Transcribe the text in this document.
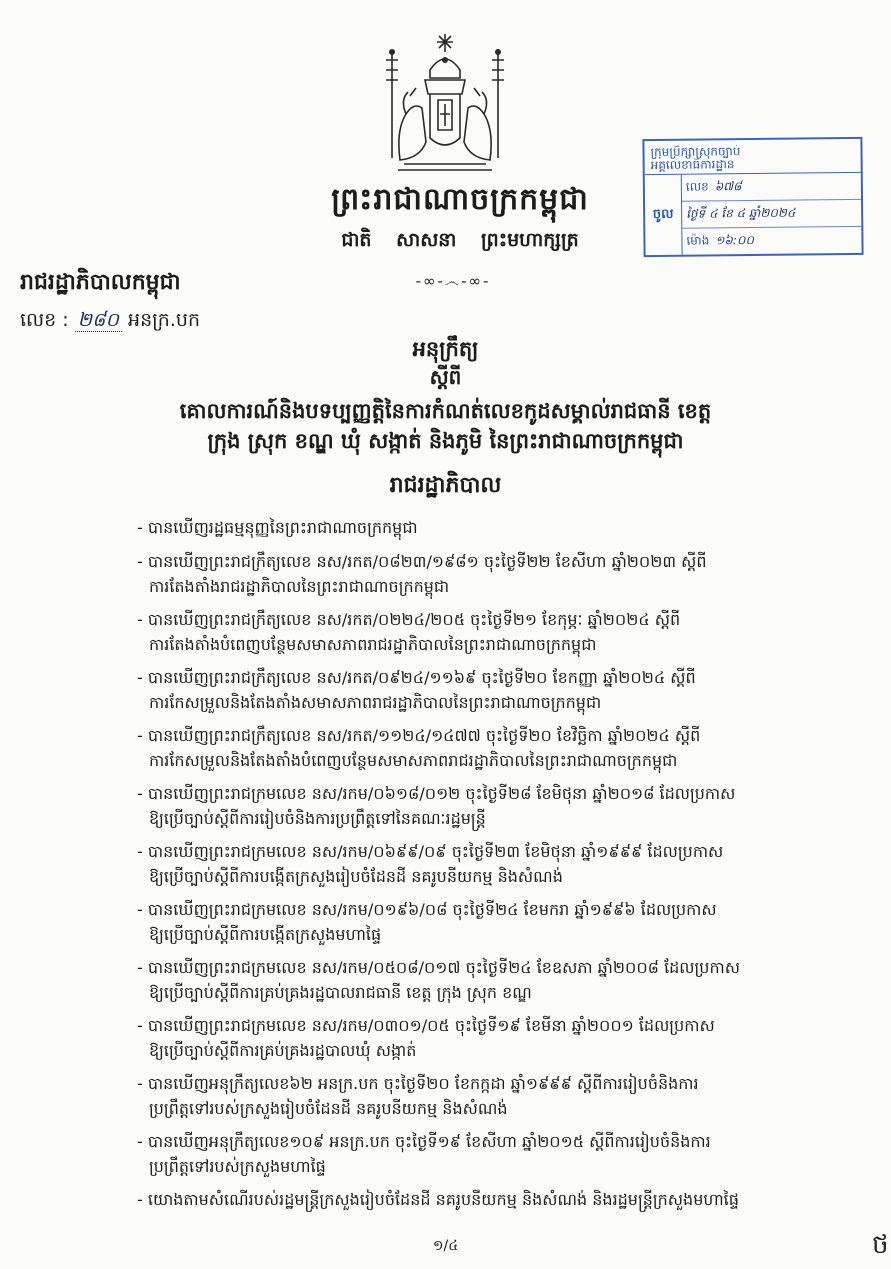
ក្រុមប្រឹក្សាស្រុកច្បាប់
អគ្គលេខាធិការដ្ឋាន
ចូល
លេខ ៦៧៨
ថ្ងៃទី ៤ ខែ ៤ ឆ្នាំ២០២៤
ម៉ោង ១៦:០០
ព្រះរាជាណាចក្រកម្ពុជា
ជាតិ សាសនា ព្រះមហាក្សត្រ
-∞-෴-∞-
រាជរដ្ឋាភិបាលកម្ពុជា
លេខ : ២៨០ អនក្រ.បក
អនុក្រឹត្យ
ស្ដីពី
គោលការណ៍និងបទប្បញ្ញត្តិនៃការកំណត់លេខកូដសម្គាល់រាជធានី ខេត្ត
ក្រុង ស្រុក ខណ្ឌ ឃុំ សង្កាត់ និងភូមិ នៃព្រះរាជាណាចក្រកម្ពុជា
រាជរដ្ឋាភិបាល
- បានឃើញរដ្ឋធម្មនុញ្ញនៃព្រះរាជាណាចក្រកម្ពុជា
- បានឃើញព្រះរាជក្រឹត្យលេខ នស/រកត/០៨២៣/១៩៨១ ចុះថ្ងៃទី២២ ខែសីហា ឆ្នាំ២០២៣ ស្ដីពី
ការតែងតាំងរាជរដ្ឋាភិបាលនៃព្រះរាជាណាចក្រកម្ពុជា
- បានឃើញព្រះរាជក្រឹត្យលេខ នស/រកត/០២២៤/២០៥ ចុះថ្ងៃទី២១ ខែកុម្ភៈ ឆ្នាំ២០២៤ ស្ដីពី
ការតែងតាំងបំពេញបន្ថែមសមាសភាពរាជរដ្ឋាភិបាលនៃព្រះរាជាណាចក្រកម្ពុជា
- បានឃើញព្រះរាជក្រឹត្យលេខ នស/រកត/០៩២៤/១១៦៩ ចុះថ្ងៃទី២០ ខែកញ្ញា ឆ្នាំ២០២៤ ស្ដីពី
ការកែសម្រួលនិងតែងតាំងសមាសភាពរាជរដ្ឋាភិបាលនៃព្រះរាជាណាចក្រកម្ពុជា
- បានឃើញព្រះរាជក្រឹត្យលេខ នស/រកត/១១២៤/១៤៧៧ ចុះថ្ងៃទី២០ ខែវិច្ឆិកា ឆ្នាំ២០២៤ ស្ដីពី
ការកែសម្រួលនិងតែងតាំងបំពេញបន្ថែមសមាសភាពរាជរដ្ឋាភិបាលនៃព្រះរាជាណាចក្រកម្ពុជា
- បានឃើញព្រះរាជក្រមលេខ នស/រកម/០៦១៨/០១២ ចុះថ្ងៃទី២៨ ខែមិថុនា ឆ្នាំ២០១៨ ដែលប្រកាស
ឱ្យប្រើច្បាប់ស្ដីពីការរៀបចំនិងការប្រព្រឹត្តទៅនៃគណៈរដ្ឋមន្ត្រី
- បានឃើញព្រះរាជក្រមលេខ នស/រកម/០៦៩៩/០៩ ចុះថ្ងៃទី២៣ ខែមិថុនា ឆ្នាំ១៩៩៩ ដែលប្រកាស
ឱ្យប្រើច្បាប់ស្ដីពីការបង្កើតក្រសួងរៀបចំដែនដី នគរូបនីយកម្ម និងសំណង់
- បានឃើញព្រះរាជក្រមលេខ នស/រកម/០១៩៦/០៨ ចុះថ្ងៃទី២៤ ខែមករា ឆ្នាំ១៩៩៦ ដែលប្រកាស
ឱ្យប្រើច្បាប់ស្ដីពីការបង្កើតក្រសួងមហាផ្ទៃ
- បានឃើញព្រះរាជក្រមលេខ នស/រកម/០៥០៨/០១៧ ចុះថ្ងៃទី២៤ ខែឧសភា ឆ្នាំ២០០៨ ដែលប្រកាស
ឱ្យប្រើច្បាប់ស្ដីពីការគ្រប់គ្រងរដ្ឋបាលរាជធានី ខេត្ត ក្រុង ស្រុក ខណ្ឌ
- បានឃើញព្រះរាជក្រមលេខ នស/រកម/០៣០១/០៥ ចុះថ្ងៃទី១៩ ខែមីនា ឆ្នាំ២០០១ ដែលប្រកាស
ឱ្យប្រើច្បាប់ស្ដីពីការគ្រប់គ្រងរដ្ឋបាលឃុំ សង្កាត់
- បានឃើញអនុក្រឹត្យលេខ៦២ អនក្រ.បក ចុះថ្ងៃទី២០ ខែកក្កដា ឆ្នាំ១៩៩៩ ស្ដីពីការរៀបចំនិងការ
ប្រព្រឹត្តទៅរបស់ក្រសួងរៀបចំដែនដី នគរូបនីយកម្ម និងសំណង់
- បានឃើញអនុក្រឹត្យលេខ១០៩ អនក្រ.បក ចុះថ្ងៃទី១៩ ខែសីហា ឆ្នាំ២០១៥ ស្ដីពីការរៀបចំនិងការ
ប្រព្រឹត្តទៅរបស់ក្រសួងមហាផ្ទៃ
- យោងតាមសំណើរបស់រដ្ឋមន្ត្រីក្រសួងរៀបចំដែនដី នគរូបនីយកម្ម និងសំណង់ និងរដ្ឋមន្ត្រីក្រសួងមហាផ្ទៃ
១/៤	ថ
